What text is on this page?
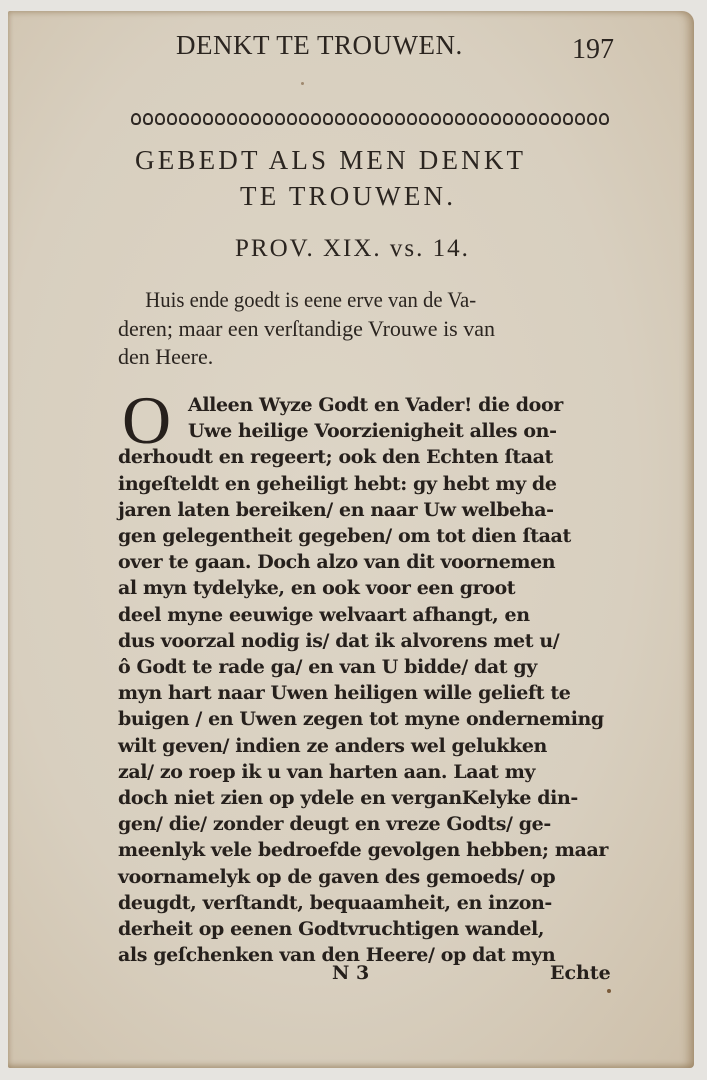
DENKT TE TROUWEN.	197
GEBEDT ALS MEN DENKT
TE TROUWEN.
PROV. XIX. vs. 14.
Huis ende goedt is eene erve van de Va-
deren; maar een verſtandige Vrouwe is van
den Heere.
O Alleen Wyze Godt en Vader! die door
Uwe heilige Voorzienigheit alles on-
derhoudt en regeert; ook den Echten ſtaat
ingeſteldt en geheiligt hebt: gy hebt my de
jaren laten bereiken/ en naar Uw welbeha-
gen gelegentheit gegeben/ om tot dien ſtaat
over te gaan. Doch alzo van dit voornemen
al myn tydelyke, en ook voor een groot
deel myne eeuwige welvaart afhangt, en
dus voorzal nodig is/ dat ik alvorens met u/
ô Godt te rade ga/ en van U bidde/ dat gy
myn hart naar Uwen heiligen wille gelieft te
buigen / en Uwen zegen tot myne onderneming
wilt geven/ indien ze anders wel gelukken
zal/ zo roep ik u van harten aan. Laat my
doch niet zien op ydele en verganKelyke din-
gen/ die/ zonder deugt en vreze Godts/ ge-
meenlyk vele bedroefde gevolgen hebben; maar
voornamelyk op de gaven des gemoeds/ op
deugdt, verſtandt, bequaamheit, en inzon-
derheit op eenen Godtvruchtigen wandel,
als geſchenken van den Heere/ op dat myn
N 3	Echte
